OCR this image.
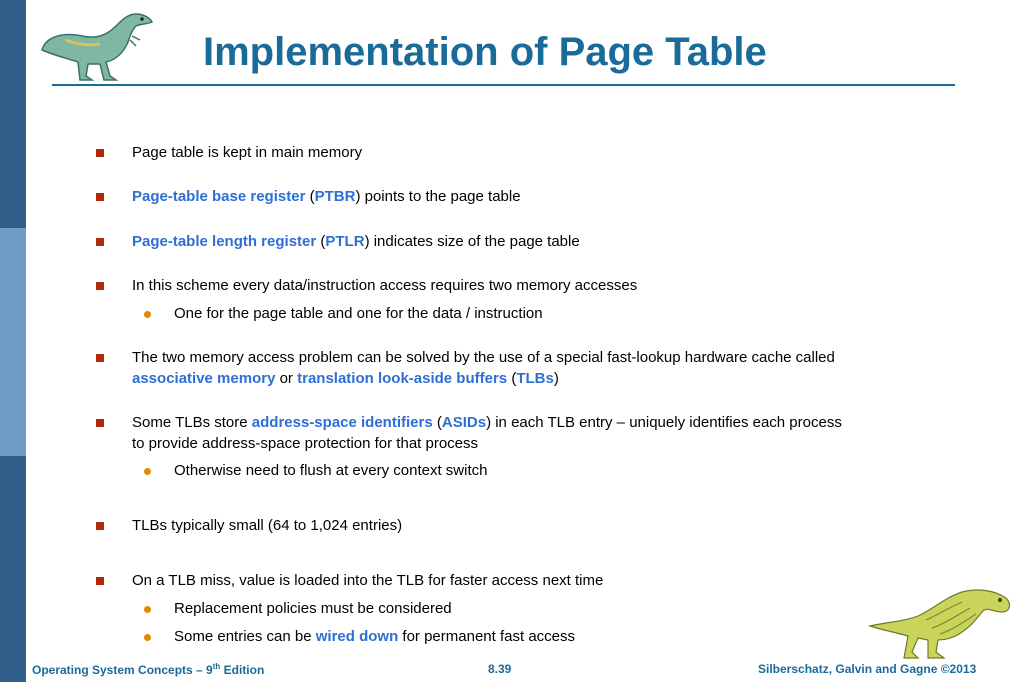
Implementation of Page Table
Page table is kept in main memory
Page-table base register (PTBR) points to the page table
Page-table length register (PTLR) indicates size of the page table
In this scheme every data/instruction access requires two memory accesses
One for the page table and one for the data / instruction
The two memory access problem can be solved by the use of a special fast-lookup hardware cache called
associative memory or translation look-aside buffers (TLBs)
Some TLBs store address-space identifiers (ASIDs) in each TLB entry – uniquely identifies each process
to provide address-space protection for that process
Otherwise need to flush at every context switch
TLBs typically small (64 to 1,024 entries)
On a TLB miss, value is loaded into the TLB for faster access next time
Replacement policies must be considered
Some entries can be wired down for permanent fast access
Operating System Concepts – 9th Edition	8.39	Silberschatz, Galvin and Gagne ©2013
